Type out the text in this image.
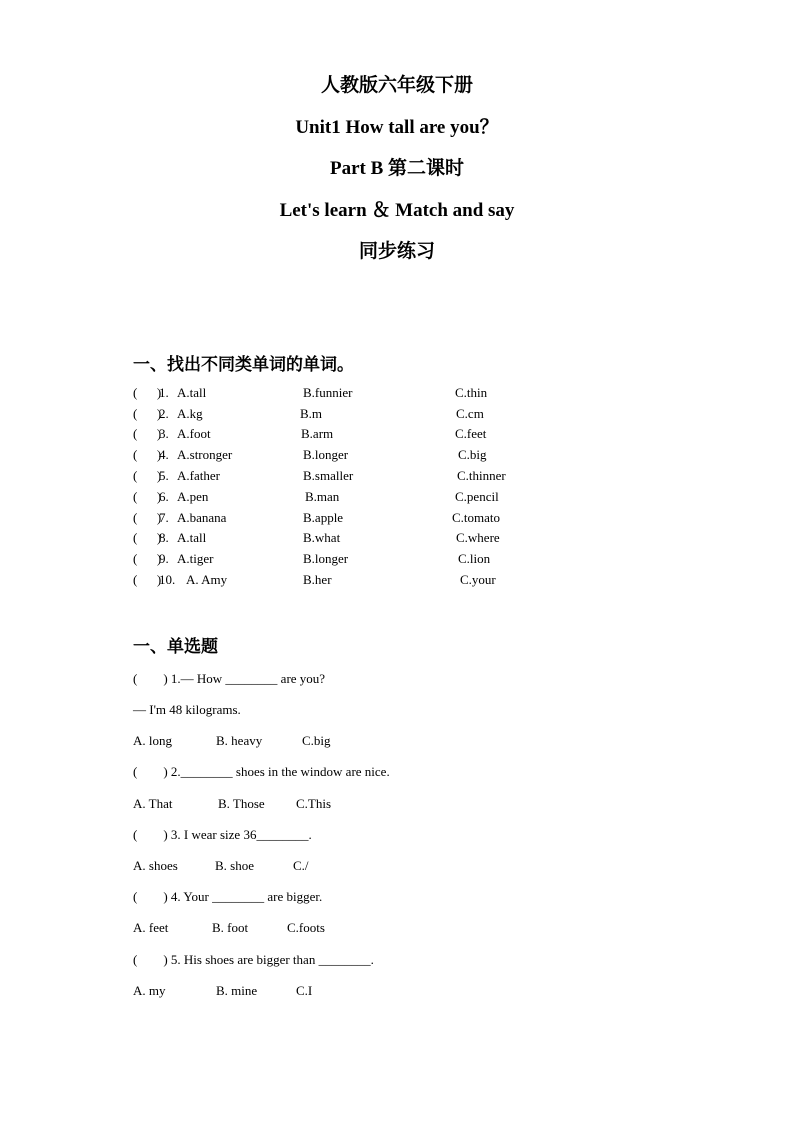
人教版六年级下册
Unit1 How tall are you？
Part B 第二课时
Let's learn ＆ Match and say
同步练习
一、找出不同类单词的单词。
(      )
1. A.tall	B.funnier	C.thin
(      )
2. A.kg	B.m	C.cm
(      )
3. A.foot	B.arm	C.feet
(      )
4. A.stronger	B.longer	C.big
(      )
5. A.father	B.smaller	C.thinner
(      )
6. A.pen	B.man	C.pencil
(      )
7. A.banana	B.apple	C.tomato
(      )
8. A.tall	B.what	C.where
(      )
9. A.tiger	B.longer	C.lion
(      )
10. A. Amy	B.her	C.your
一、单选题
(        ) 1.— How ________ are you?
— I'm 48 kilograms.

A. long

	B. heavy

	C.big

(        ) 2.________ shoes in the window are nice.

A. That

	B. Those

C.This

(        ) 3. I wear size 36________.

A. shoes

	B. shoe

	C./

(        ) 4. Your ________ are bigger.

A. feet

	B. foot

	C.foots

(        ) 5. His shoes are bigger than ________.

A. my

	B. mine

	C.I
